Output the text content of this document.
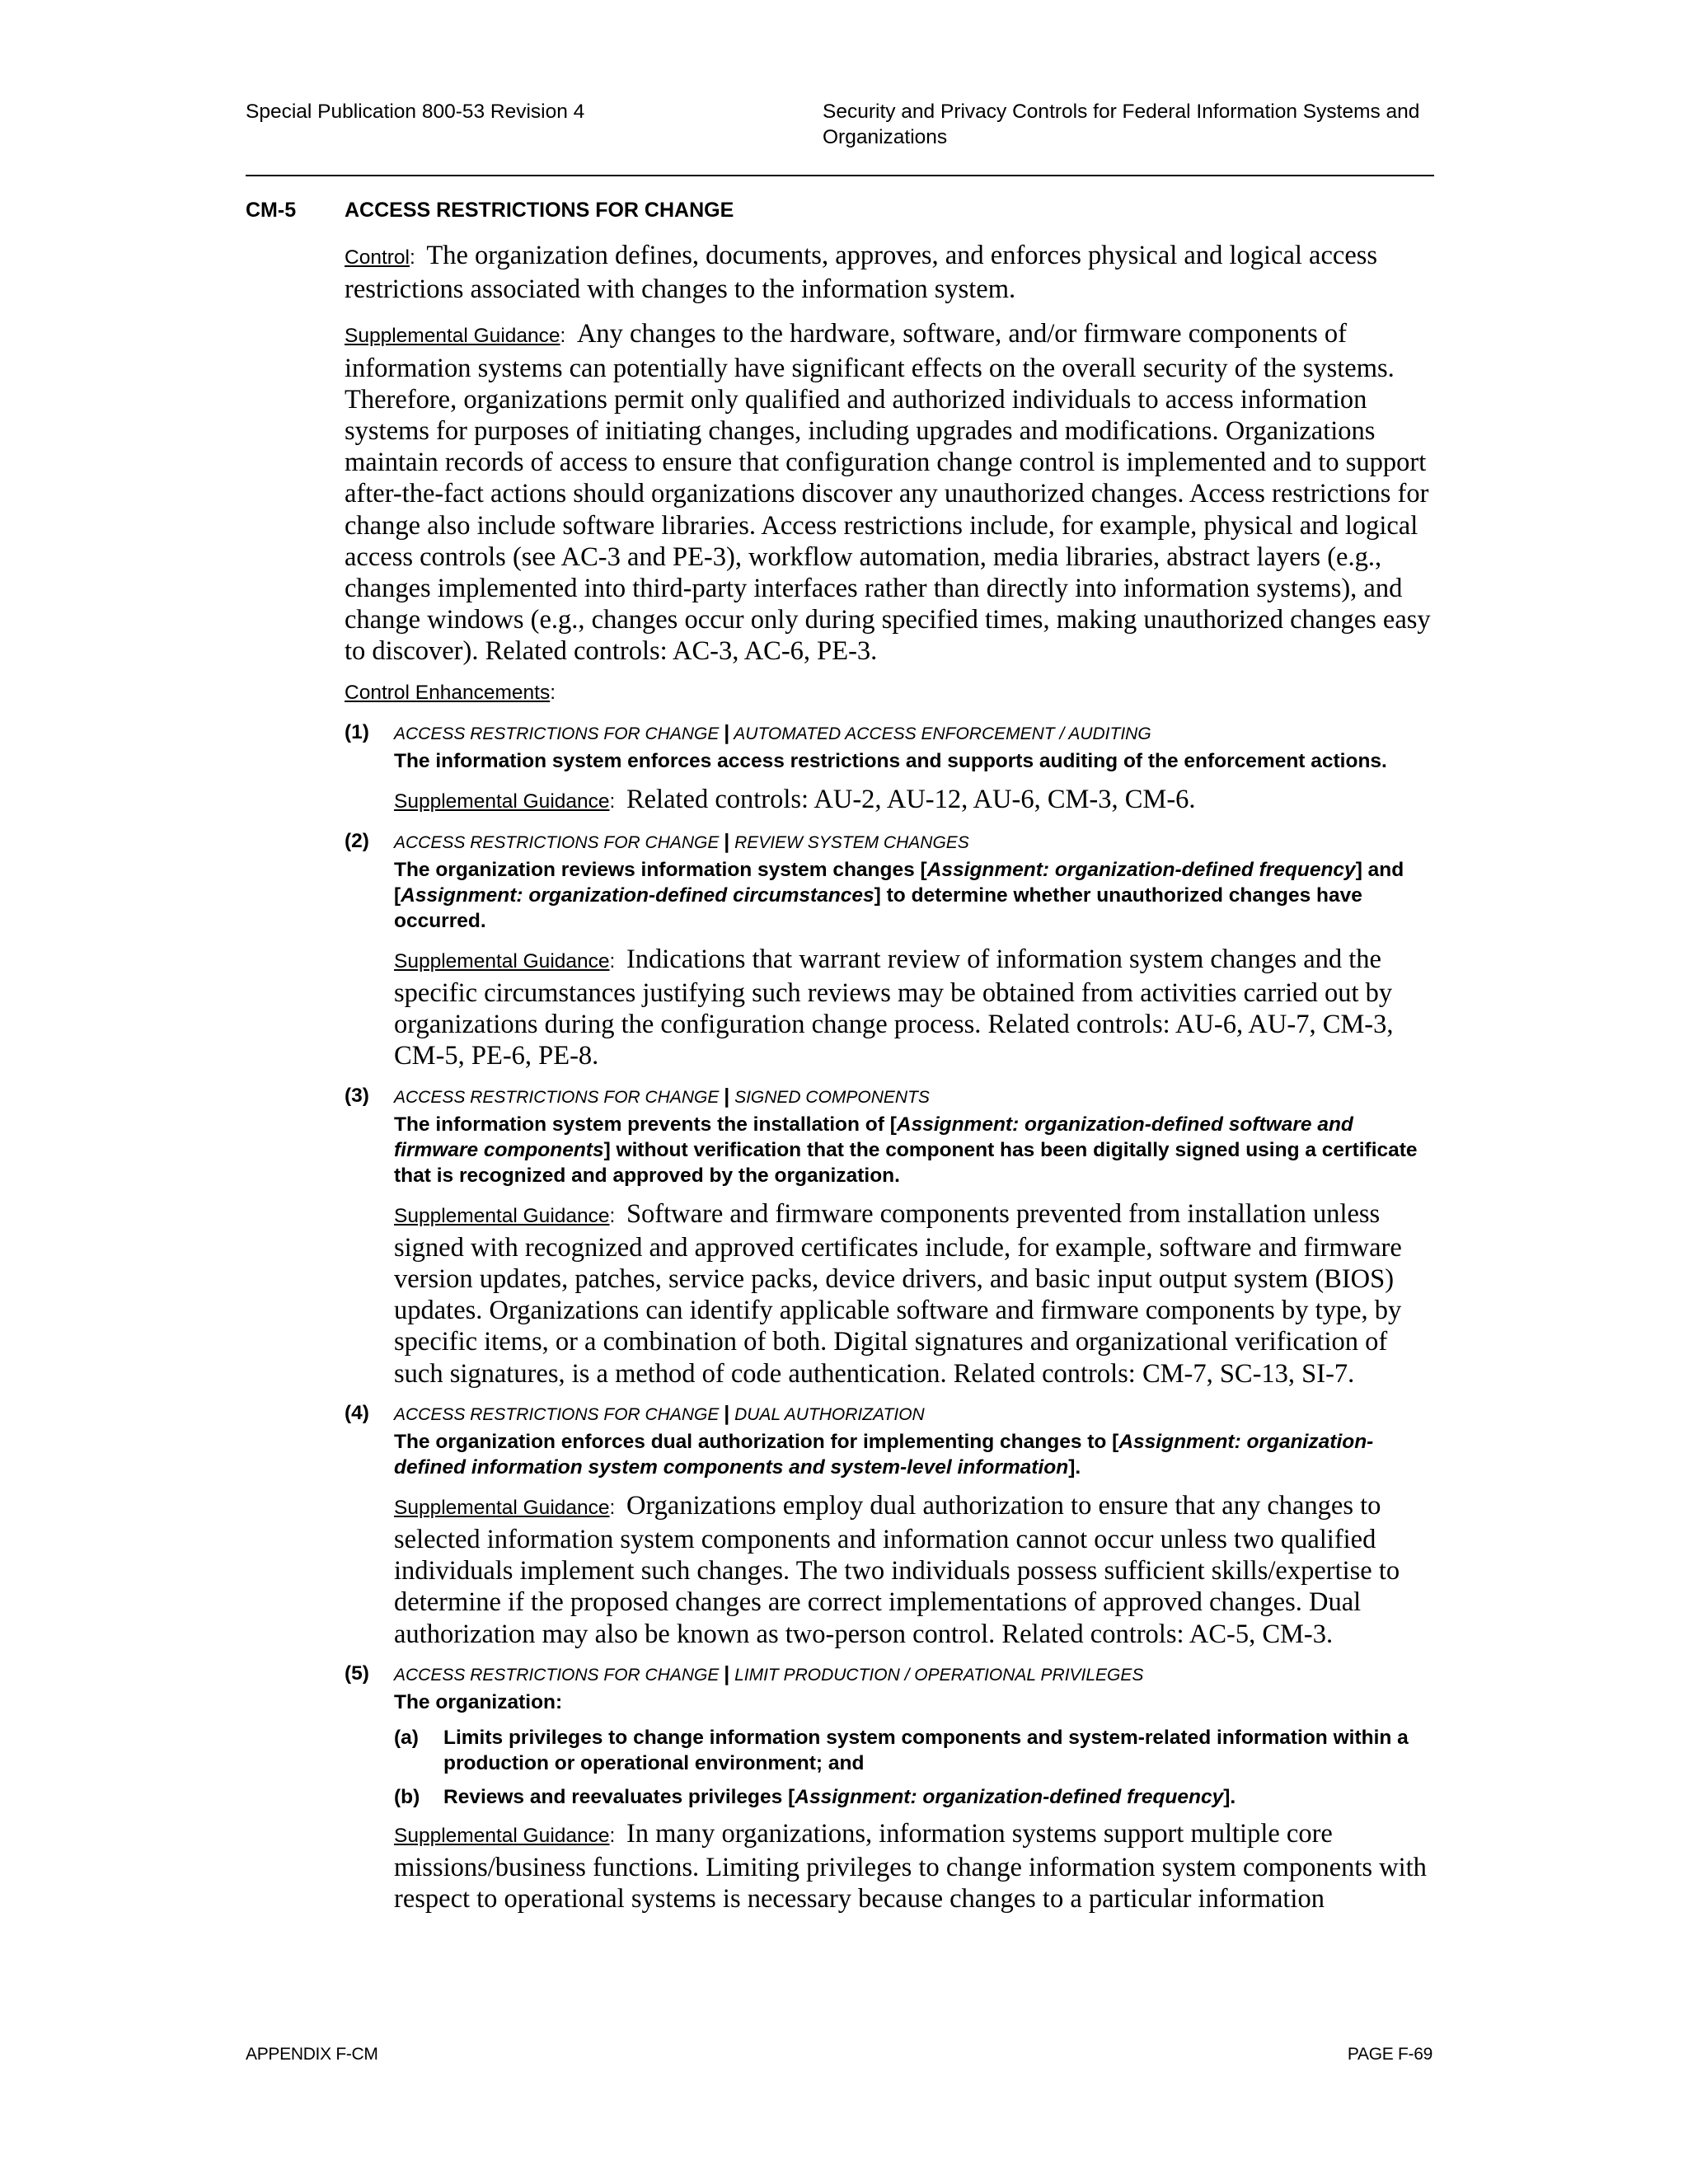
Special Publication 800-53 Revision 4	Security and Privacy Controls for Federal Information Systems and Organizations
CM-5 ACCESS RESTRICTIONS FOR CHANGE

Control:  The organization defines, documents, approves, and enforces physical and logical access restrictions associated with changes to the information system.

Supplemental Guidance:  Any changes to the hardware, software, and/or firmware components of information systems can potentially have significant effects on the overall security of the systems. Therefore, organizations permit only qualified and authorized individuals to access information systems for purposes of initiating changes, including upgrades and modifications. Organizations maintain records of access to ensure that configuration change control is implemented and to support after-the-fact actions should organizations discover any unauthorized changes. Access restrictions for change also include software libraries. Access restrictions include, for example, physical and logical access controls (see AC-3 and PE-3), workflow automation, media libraries, abstract layers (e.g., changes implemented into third-party interfaces rather than directly into information systems), and change windows (e.g., changes occur only during specified times, making unauthorized changes easy to discover). Related controls: AC-3, AC-6, PE-3.

Control Enhancements:

(1) ACCESS RESTRICTIONS FOR CHANGE | AUTOMATED ACCESS ENFORCEMENT / AUDITING

The information system enforces access restrictions and supports auditing of the enforcement actions.

Supplemental Guidance:  Related controls: AU-2, AU-12, AU-6, CM-3, CM-6.

(2) ACCESS RESTRICTIONS FOR CHANGE | REVIEW SYSTEM CHANGES

The organization reviews information system changes [Assignment: organization-defined frequency] and [Assignment: organization-defined circumstances] to determine whether unauthorized changes have occurred.

Supplemental Guidance:  Indications that warrant review of information system changes and the specific circumstances justifying such reviews may be obtained from activities carried out by organizations during the configuration change process. Related controls: AU-6, AU-7, CM-3, CM-5, PE-6, PE-8.

(3) ACCESS RESTRICTIONS FOR CHANGE | SIGNED COMPONENTS

The information system prevents the installation of [Assignment: organization-defined software and firmware components] without verification that the component has been digitally signed using a certificate that is recognized and approved by the organization.

Supplemental Guidance:  Software and firmware components prevented from installation unless signed with recognized and approved certificates include, for example, software and firmware version updates, patches, service packs, device drivers, and basic input output system (BIOS) updates. Organizations can identify applicable software and firmware components by type, by specific items, or a combination of both. Digital signatures and organizational verification of such signatures, is a method of code authentication. Related controls: CM-7, SC-13, SI-7.

(4) ACCESS RESTRICTIONS FOR CHANGE | DUAL AUTHORIZATION

The organization enforces dual authorization for implementing changes to [Assignment: organization-defined information system components and system-level information].

Supplemental Guidance:  Organizations employ dual authorization to ensure that any changes to selected information system components and information cannot occur unless two qualified individuals implement such changes. The two individuals possess sufficient skills/expertise to determine if the proposed changes are correct implementations of approved changes. Dual authorization may also be known as two-person control. Related controls: AC-5, CM-3.

(5) ACCESS RESTRICTIONS FOR CHANGE | LIMIT PRODUCTION / OPERATIONAL PRIVILEGES

The organization:

(a) Limits privileges to change information system components and system-related information within a production or operational environment; and
(b) Reviews and reevaluates privileges [Assignment: organization-defined frequency].

Supplemental Guidance:  In many organizations, information systems support multiple core missions/business functions. Limiting privileges to change information system components with respect to operational systems is necessary because changes to a particular information

APPENDIX F-CM	PAGE F-69
